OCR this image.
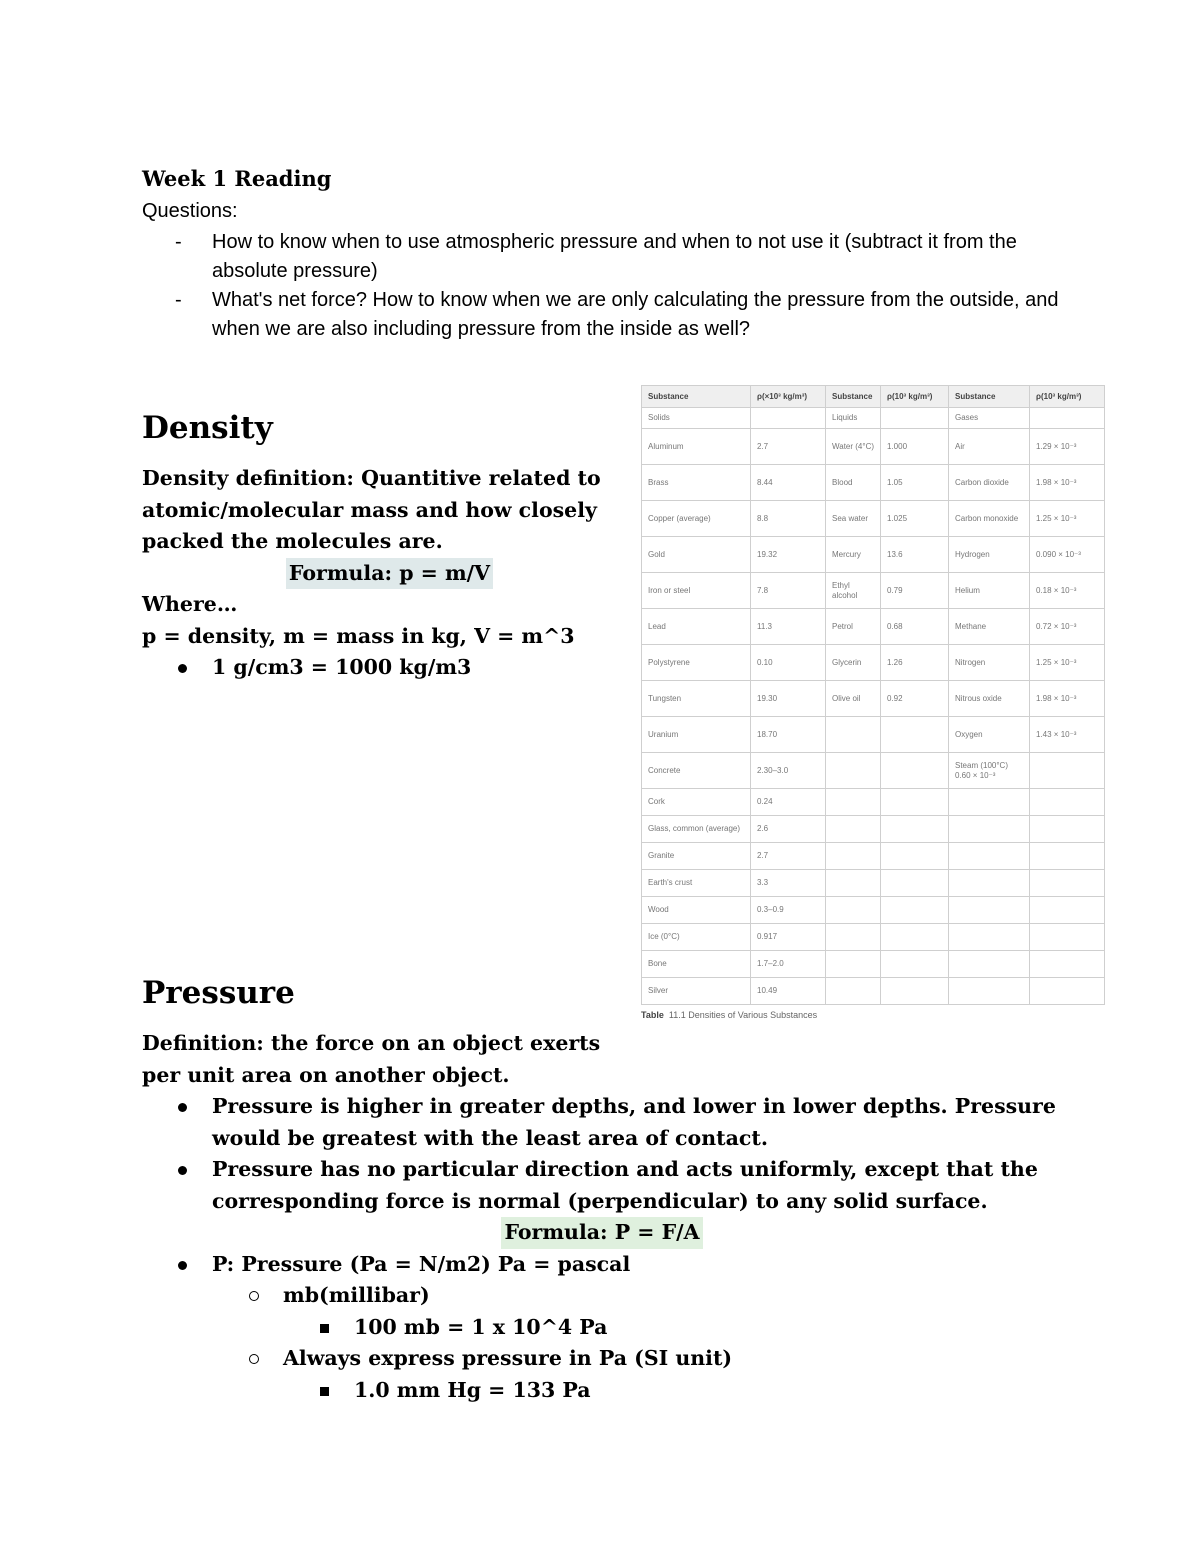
Week 1 Reading
Questions:
- How to know when to use atmospheric pressure and when to not use it (subtract it from the absolute pressure)
- What's net force? How to know when we are only calculating the pressure from the outside, and when we are also including pressure from the inside as well?
Density
Density definition: Quantitive related to atomic/molecular mass and how closely packed the molecules are.
Formula: p = m/V
Where…
p = density, m = mass in kg, V = m^3
1 g/cm3 = 1000 kg/m3
Substance	ρ(×10³ kg/m³)	Substance	ρ(10³ kg/m³)	Substance	ρ(10³ kg/m³)
Solids		Liquids		Gases	
Aluminum	2.7	Water (4°C)	1.000	Air	1.29 × 10⁻³
Brass	8.44	Blood	1.05	Carbon dioxide	1.98 × 10⁻³
Copper (average)	8.8	Sea water	1.025	Carbon monoxide	1.25 × 10⁻³
Gold	19.32	Mercury	13.6	Hydrogen	0.090 × 10⁻³
Iron or steel	7.8	Ethyl alcohol	0.79	Helium	0.18 × 10⁻³
Lead	11.3	Petrol	0.68	Methane	0.72 × 10⁻³
Polystyrene	0.10	Glycerin	1.26	Nitrogen	1.25 × 10⁻³
Tungsten	19.30	Olive oil	0.92	Nitrous oxide	1.98 × 10⁻³
Uranium	18.70			Oxygen	1.43 × 10⁻³
Concrete	2.30–3.0			Steam (100°C) 0.60 × 10⁻³	
Cork	0.24				
Glass, common (average)	2.6				
Granite	2.7				
Earth's crust	3.3				
Wood	0.3–0.9				
Ice (0°C)	0.917				
Bone	1.7–2.0				
Silver	10.49				
Table 11.1 Densities of Various Substances
Pressure
Definition: the force on an object exerts per unit area on another object.
Pressure is higher in greater depths, and lower in lower depths. Pressure would be greatest with the least area of contact.
Pressure has no particular direction and acts uniformly, except that the corresponding force is normal (perpendicular) to any solid surface.
Formula: P = F/A
P: Pressure (Pa = N/m2) Pa = pascal
mb(millibar)
100 mb = 1 x 10^4 Pa
Always express pressure in Pa (SI unit)
1.0 mm Hg = 133 Pa
